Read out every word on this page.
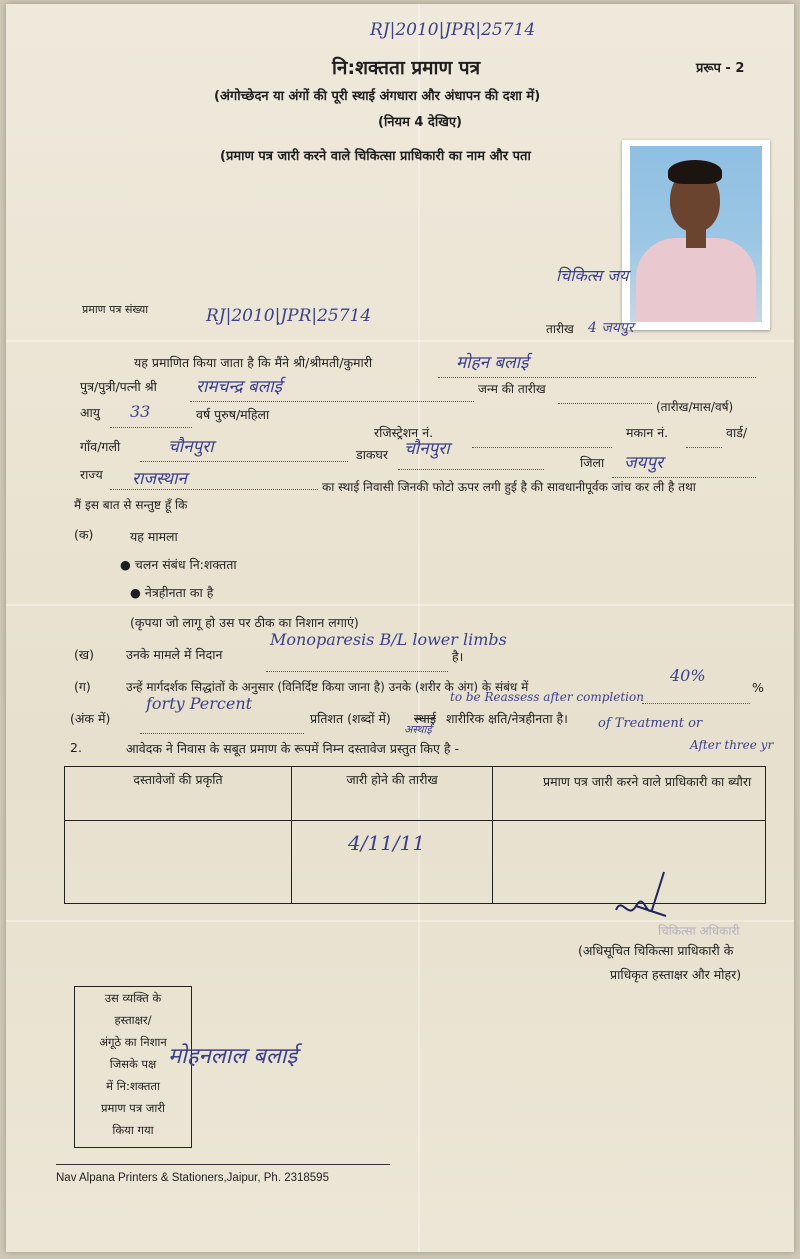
RJ|2010|JPR|25714
प्ररूप - 2
नि:शक्तता प्रमाण पत्र
(अंगोच्छेदन या अंगों की पूरी स्थाई अंगधारा और अंधापन की दशा में)
(नियम 4 देखिए)
(प्रमाण पत्र जारी करने वाले चिकित्सा प्राधिकारी का नाम और पता
चिकित्स जय
प्रमाण पत्र संख्या	RJ|2010|JPR|25714
तारीख 4 जयपुर
यह प्रमाणित किया जाता है कि मैंने श्री/श्रीमती/कुमारी
	मोहन बलाई
पुत्र/पुत्री/पत्नी श्री
रामचन्द्र बलाई	जन्म की तारीख

(तारीख/मास/वर्ष)
आयु
33	वर्ष पुरुष/महिला
रजिस्ट्रेशन नं.
	मकान नं.
	वार्ड/
गाँव/गली
	चौनपुरा	डाकघर
चौनपुरा
जिला
जयपुर
राज्य
राजस्थान	का स्थाई निवासी जिनकी फोटो ऊपर लगी हुई है की सावधानीपूर्वक जांच कर ली है तथा
मैं इस बात से सन्तुष्ट हूँ कि
(क)	यह मामला
● चलन संबंध नि:शक्तता
● नेत्रहीनता का है
(कृपया जो लागू हो उस पर ठीक का निशान लगाएं)
(ख)	उनके मामले में निदान

Monoparesis B/L lower limbs
है।
(ग)	उन्हें मार्गदर्शक सिद्धांतों के अनुसार (विनिर्दिष्ट किया जाना है) उनके (शरीर के अंग) के संबंध में

40%
%
(अंक में)

forty Percent
प्रतिशत (शब्दों में) स्थाई
अस्थाई
शारीरिक क्षति/नेत्रहीनता है।
to be Reassess after completion
of Treatment or
After three yr
2.	आवेदक ने निवास के सबूत प्रमाण के रूपमें निम्न दस्तावेज प्रस्तुत किए है -
दस्तावेजों की प्रकृति	जारी होने की तारीख	प्रमाण पत्र जारी करने वाले प्राधिकारी का ब्यौरा
	4/11/11	
चिकित्सा अधिकारी
(अधिसूचित चिकित्सा प्राधिकारी के
प्राधिकृत हस्ताक्षर और मोहर)
उस व्यक्ति के
हस्ताक्षर/
अंगूठे का निशान
जिसके पक्ष
में नि:शक्तता
प्रमाण पत्र जारी
किया गया
मोहनलाल बलाई
Nav Alpana Printers & Stationers,Jaipur, Ph. 2318595
